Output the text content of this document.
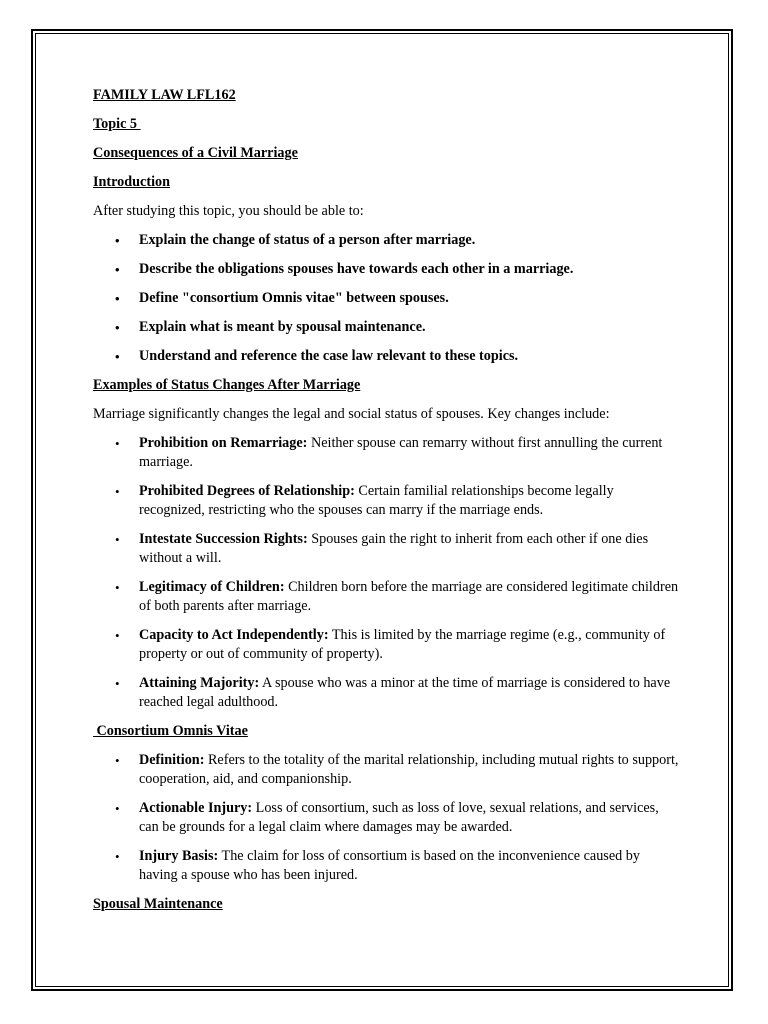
FAMILY LAW LFL162
Topic 5
Consequences of a Civil Marriage
Introduction
After studying this topic, you should be able to:
• Explain the change of status of a person after marriage.
• Describe the obligations spouses have towards each other in a marriage.
• Define "consortium Omnis vitae" between spouses.
• Explain what is meant by spousal maintenance.
• Understand and reference the case law relevant to these topics.
Examples of Status Changes After Marriage
Marriage significantly changes the legal and social status of spouses. Key changes include:
• Prohibition on Remarriage: Neither spouse can remarry without first annulling the current marriage.
• Prohibited Degrees of Relationship: Certain familial relationships become legally recognized, restricting who the spouses can marry if the marriage ends.
• Intestate Succession Rights: Spouses gain the right to inherit from each other if one dies without a will.
• Legitimacy of Children: Children born before the marriage are considered legitimate children of both parents after marriage.
• Capacity to Act Independently: This is limited by the marriage regime (e.g., community of property or out of community of property).
• Attaining Majority: A spouse who was a minor at the time of marriage is considered to have reached legal adulthood.
Consortium Omnis Vitae
• Definition: Refers to the totality of the marital relationship, including mutual rights to support, cooperation, aid, and companionship.
• Actionable Injury: Loss of consortium, such as loss of love, sexual relations, and services, can be grounds for a legal claim where damages may be awarded.
• Injury Basis: The claim for loss of consortium is based on the inconvenience caused by having a spouse who has been injured.
Spousal Maintenance
